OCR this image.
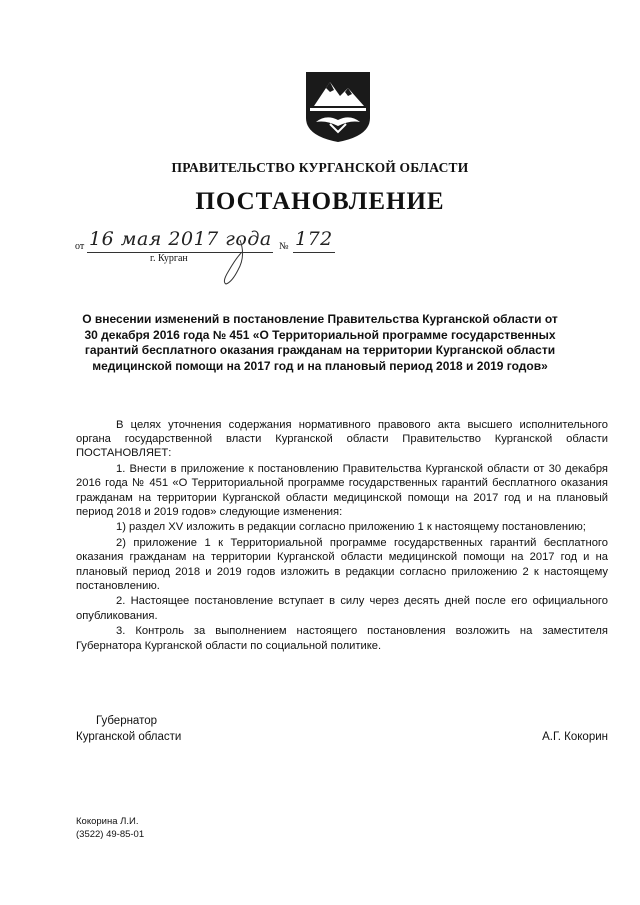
ПРАВИТЕЛЬСТВО КУРГАНСКОЙ ОБЛАСТИ
ПОСТАНОВЛЕНИЕ
от 16 мая 2017 года № 172
г. Курган
О внесении изменений в постановление Правительства Курганской области от 30 декабря 2016 года № 451 «О Территориальной программе государственных гарантий бесплатного оказания гражданам на территории Курганской области медицинской помощи на 2017 год и на плановый период 2018 и 2019 годов»

В целях уточнения содержания нормативного правового акта высшего исполнительного органа государственной власти Курганской области Правительство Курганской области ПОСТАНОВЛЯЕТ:

1. Внести в приложение к постановлению Правительства Курганской области от 30 декабря 2016 года № 451 «О Территориальной программе государственных гарантий бесплатного оказания гражданам на территории Курганской области медицинской помощи на 2017 год и на плановый период 2018 и 2019 годов» следующие изменения:

1) раздел XV изложить в редакции согласно приложению 1 к настоящему постановлению;

2) приложение 1 к Территориальной программе государственных гарантий бесплатного оказания гражданам на территории Курганской области медицинской помощи на 2017 год и на плановый период 2018 и 2019 годов изложить в редакции согласно приложению 2 к настоящему постановлению.

2. Настоящее постановление вступает в силу через десять дней после его официального опубликования.

3. Контроль за выполнением настоящего постановления возложить на заместителя Губернатора Курганской области по социальной политике.

Губернатор
Курганской области	А.Г. Кокорин
Кокорина Л.И.
(3522) 49-85-01
